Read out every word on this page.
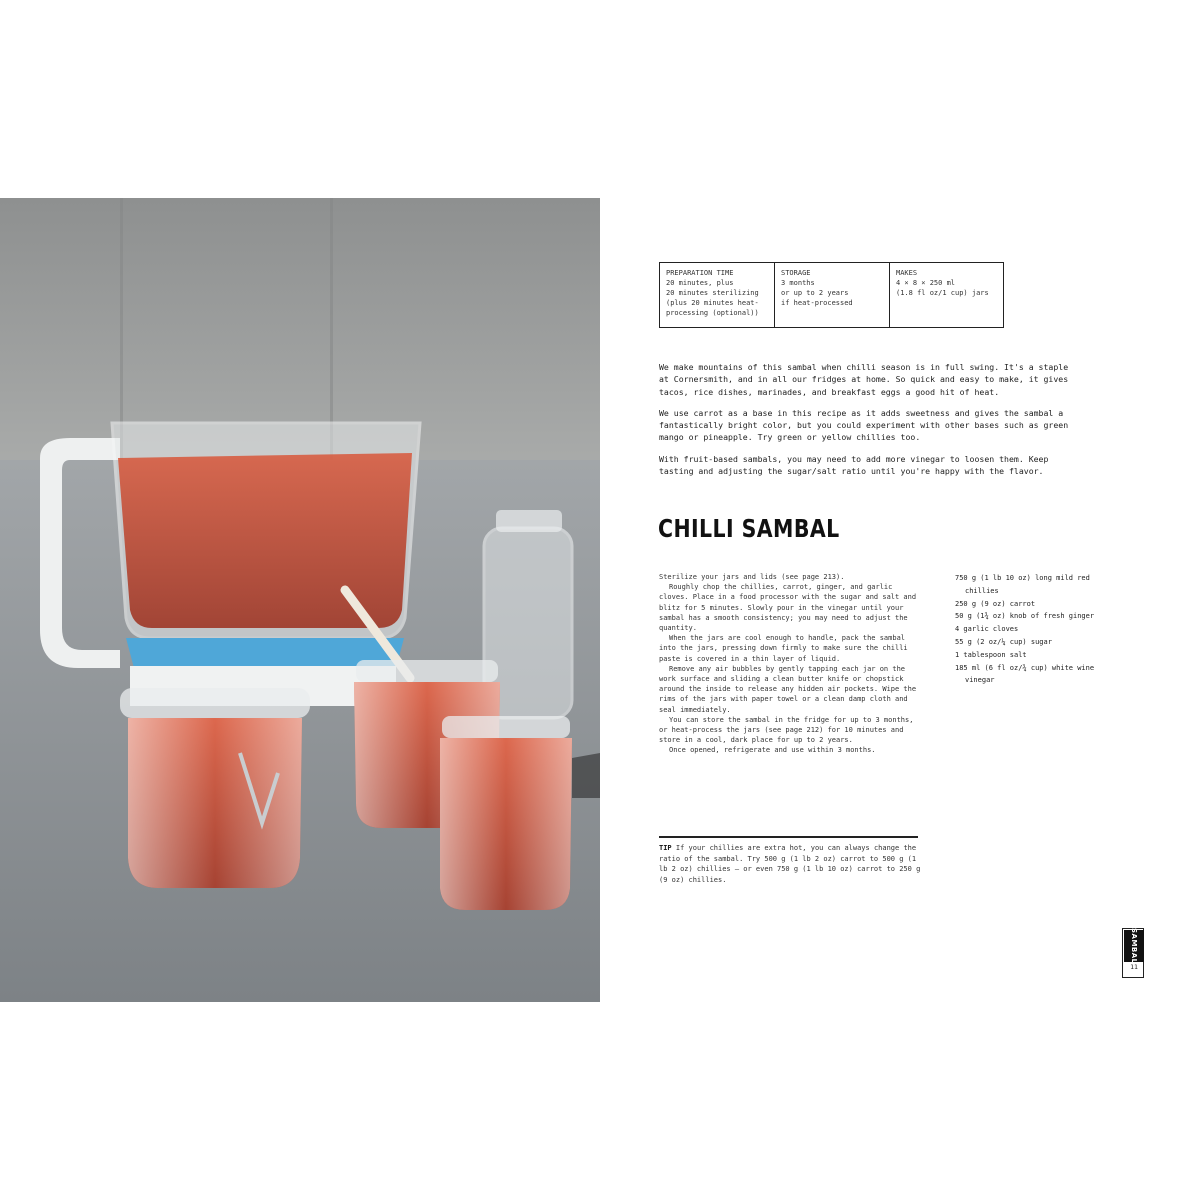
PREPARATION TIME
20 minutes, plus
20 minutes sterilizing
(plus 20 minutes heat-
processing (optional))
STORAGE
3 months
or up to 2 years
if heat-processed
MAKES
4 × 8 × 250 ml
(1.8 fl oz/1 cup) jars

We make mountains of this sambal when chilli season is in full swing. It's a staple at Cornersmith, and in all our fridges at home. So quick and easy to make, it gives tacos, rice dishes, marinades, and breakfast eggs a good hit of heat.

We use carrot as a base in this recipe as it adds sweetness and gives the sambal a fantastically bright color, but you could experiment with other bases such as green mango or pineapple. Try green or yellow chillies too.

With fruit-based sambals, you may need to add more vinegar to loosen them. Keep tasting and adjusting the sugar/salt ratio until you're happy with the flavor.

CHILLI SAMBAL

Sterilize your jars and lids (see page 213).

Roughly chop the chillies, carrot, ginger, and garlic cloves. Place in a food processor with the sugar and salt and blitz for 5 minutes. Slowly pour in the vinegar until your sambal has a smooth consistency; you may need to adjust the quantity.

When the jars are cool enough to handle, pack the sambal into the jars, pressing down firmly to make sure the chilli paste is covered in a thin layer of liquid.

Remove any air bubbles by gently tapping each jar on the work surface and sliding a clean butter knife or chopstick around the inside to release any hidden air pockets. Wipe the rims of the jars with paper towel or a clean damp cloth and seal immediately.

You can store the sambal in the fridge for up to 3 months, or heat-process the jars (see page 212) for 10 minutes and store in a cool, dark place for up to 2 years.

Once opened, refrigerate and use within 3 months.

750 g (1 lb 10 oz) long mild red chillies
250 g (9 oz) carrot
50 g (1¾ oz) knob of fresh ginger
4 garlic cloves
55 g (2 oz/¼ cup) sugar
1 tablespoon salt
185 ml (6 fl oz/¾ cup) white wine vinegar

TIP If your chillies are extra hot, you can always change the ratio of the sambal. Try 500 g (1 lb 2 oz) carrot to 500 g (1 lb 2 oz) chillies — or even 750 g (1 lb 10 oz) carrot to 250 g (9 oz) chillies.

SAMBAL
11
